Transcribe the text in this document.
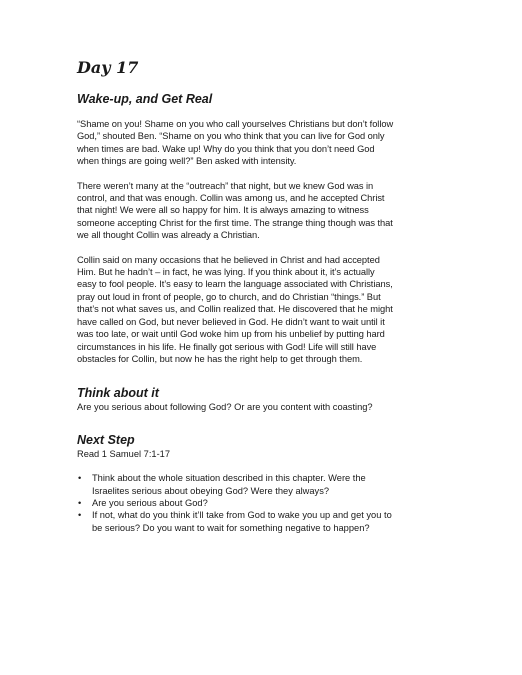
Day 17
Wake-up, and Get Real

“Shame on you! Shame on you who call yourselves Christians but don’t follow
God,” shouted Ben. “Shame on you who think that you can live for God only
when times are bad. Wake up! Why do you think that you don’t need God
when things are going well?” Ben asked with intensity.

There weren’t many at the “outreach” that night, but we knew God was in
control, and that was enough. Collin was among us, and he accepted Christ
that night! We were all so happy for him. It is always amazing to witness
someone accepting Christ for the first time. The strange thing though was that
we all thought Collin was already a Christian.

Collin said on many occasions that he believed in Christ and had accepted
Him. But he hadn’t – in fact, he was lying. If you think about it, it’s actually
easy to fool people. It’s easy to learn the language associated with Christians,
pray out loud in front of people, go to church, and do Christian “things.” But
that’s not what saves us, and Collin realized that. He discovered that he might
have called on God, but never believed in God. He didn’t want to wait until it
was too late, or wait until God woke him up from his unbelief by putting hard
circumstances in his life. He finally got serious with God! Life will still have
obstacles for Collin, but now he has the right help to get through them.

Think about it

Are you serious about following God? Or are you content with coasting?

Next Step

Read 1 Samuel 7:1-17

• Think about the whole situation described in this chapter. Were the
Israelites serious about obeying God? Were they always?
• Are you serious about God?
• If not, what do you think it’ll take from God to wake you up and get you to
be serious? Do you want to wait for something negative to happen?
